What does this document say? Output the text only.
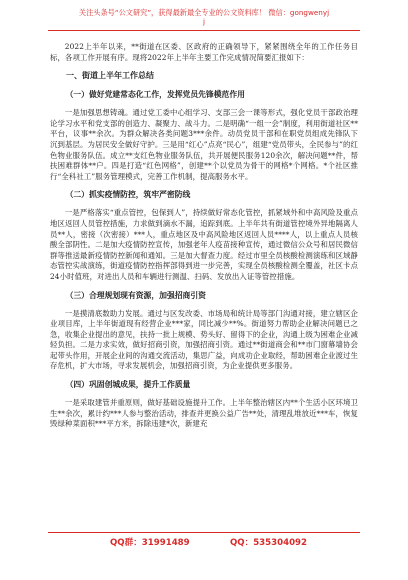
关注头条号“公文研究”，获得最新最全专业的公文资料库！ 微信：gongwenyj
j

2022上半年以来，**街道在区委、区政府的正确领导下，紧紧围绕全年的工作任务目标，各项工作开展有序。现将2022年上半年主要工作完成情况简要汇报如下：

一、街道上半年工作总结

（一）做好党建常态化工作，发挥党员先锋模范作用

一是加强思想铸魂。通过党工委中心组学习、支部三会一课等形式，强化党员干部政治理论学习水平和党支部的创造力、凝聚力、战斗力。二是明确“一组一会”制度，利用街道社区**平台，议事**余次。为群众解决各类问题3***余件。动员党员干部和在职党员组成先锋队下沉到基层。为居民安全做好守护。三是用“红心”点亮“民心”，组建“党员带头，全民参与”的红色物业服务队伍。成立**支红色物业服务队伍，共开展便民服务120余次，解决问题**件，帮扶困难群体**户。四是打造“红色网格”，创建**个以党员为骨干的网格*个网格。*个社区推行“全科社工”服务管理模式，完善工作机制，提高服务水平。

（二）抓实疫情防控，筑牢严密防线

一是严格落实“重点管控，包保到人”，持续做好常态化管控，抓紧域外和中高风险及重点地区返回人员管控措施，力求做到滴水不漏，追踪到底。上半年共有街道管控境外异地隔离人员**人，密接（次密接）***人，重点地区及中高风险地区返回人员****人，以上重点人员核酸全部阴性。二是加大疫情防控宣传，加强老年人疫苗接种宣传，通过微信公众号和居民微信群等推送最新疫情防控新闻和通知。三是加大督查力度。经过市里全员核酸检测演练和区域静态管控实战演练，街道疫情防控指挥部得到进一步完善，实现全员核酸检测全覆盖，社区卡点24小时值班，对进出人员和车辆进行测温、扫码、发放出入证等管控措施。

（三）合理规划现有资源，加强招商引资

一是摸清底数助力发展。通过与区发改委、市场局和统计局等部门沟通对接，建立辖区企业项目库，上半年街道现有经营企业***家，同比减少**%。街道努力帮助企业解决问题已之急，收集企业提出的意见，扶持一批上规模、势头好、留得下的企业，沟通上级为困难企业减轻负担。二是力求实效，做好招商引资，加强招商引资。通过**街道商会和**市门窗幕墙协会起带头作用，开展企业间的沟通交流活动，集思广益，向成功企业取经，帮助困难企业渡过生存危机，扩大市场，寻求发展机会，加强招商引资，为企业提供更多服务。

（四）巩固创城成果，提升工作质量

一是采取建管并重原则，做好基础设施提升工作。上半年整治辖区内**个生活小区环境卫生**余次，累计约***人参与整治活动，排查并更换公益广告**处，清理乱堆放近***车，恢复毁绿种菜面积***平方米，拆除违建*次，新建充

QQ群：31991489	QQ：535304092
